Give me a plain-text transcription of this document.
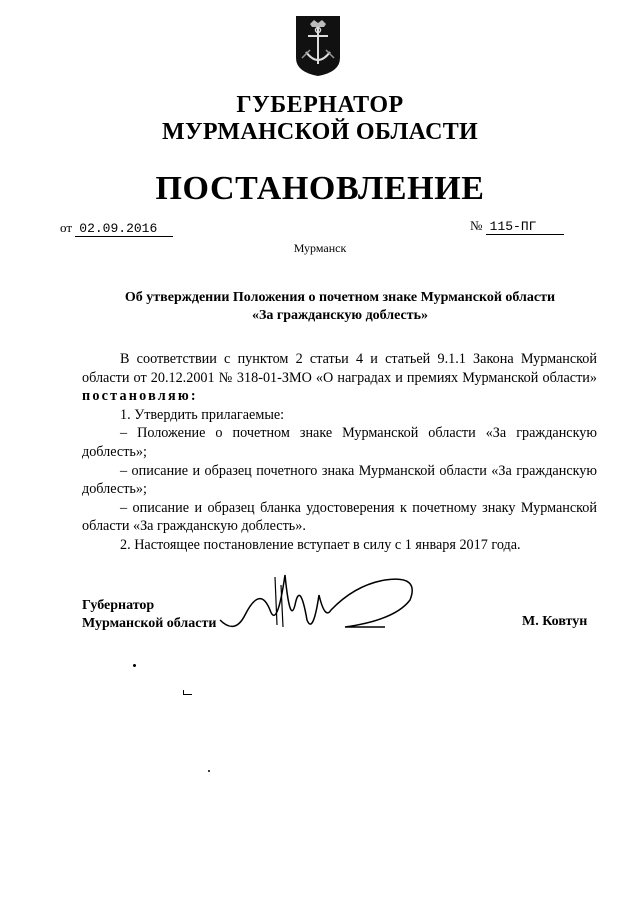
ГУБЕРНАТОР
МУРМАНСКОЙ ОБЛАСТИ
ПОСТАНОВЛЕНИЕ
от 02.09.2016	№ 115-ПГ
Мурманск
Об утверждении Положения о почетном знаке Мурманской области
«За гражданскую доблесть»

В соответствии с пунктом 2 статьи 4 и статьей 9.1.1 Закона Мурманской области от 20.12.2001 № 318-01-ЗМО «О наградах и премиях Мурманской области» постановляю:

1. Утвердить прилагаемые:

– Положение о почетном знаке Мурманской области «За гражданскую доблесть»;

– описание и образец почетного знака Мурманской области «За гражданскую доблесть»;

– описание и образец бланка удостоверения к почетному знаку Мурманской области «За гражданскую доблесть».

2. Настоящее постановление вступает в силу с 1 января 2017 года.

Губернатор
Мурманской области	М. Ковтун
